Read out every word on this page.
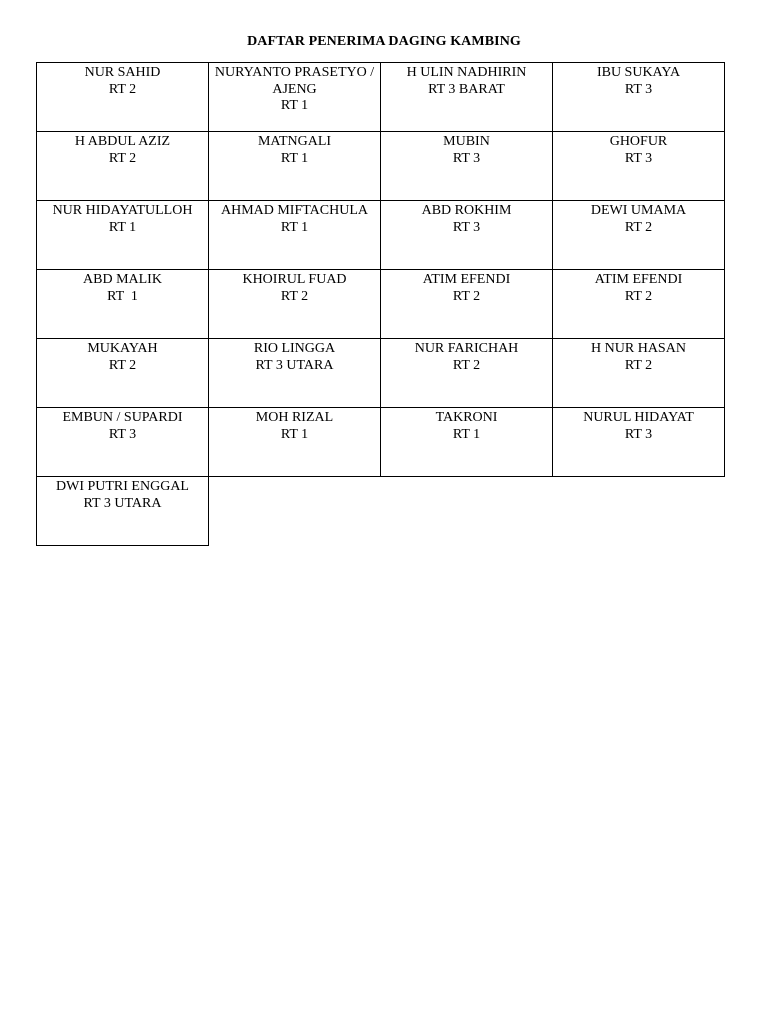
DAFTAR PENERIMA DAGING KAMBING
NUR SAHID
RT 2
NURYANTO PRASETYO / AJENG
RT 1
H ULIN NADHIRIN
RT 3 BARAT
IBU SUKAYA
RT 3
H ABDUL AZIZ
RT 2
MATNGALI
RT 1
MUBIN
RT 3
GHOFUR
RT 3
NUR HIDAYATULLOH
RT 1
AHMAD MIFTACHULA
RT 1
ABD ROKHIM
RT 3
DEWI UMAMA
RT 2
ABD MALIK
RT  1
KHOIRUL FUAD
RT 2
ATIM EFENDI
RT 2
ATIM EFENDI
RT 2
MUKAYAH
RT 2
RIO LINGGA
RT 3 UTARA
NUR FARICHAH
RT 2
H NUR HASAN
RT 2
EMBUN / SUPARDI
RT 3
MOH RIZAL
RT 1
TAKRONI
RT 1
NURUL HIDAYAT
RT 3
DWI PUTRI ENGGAL
RT 3 UTARA
